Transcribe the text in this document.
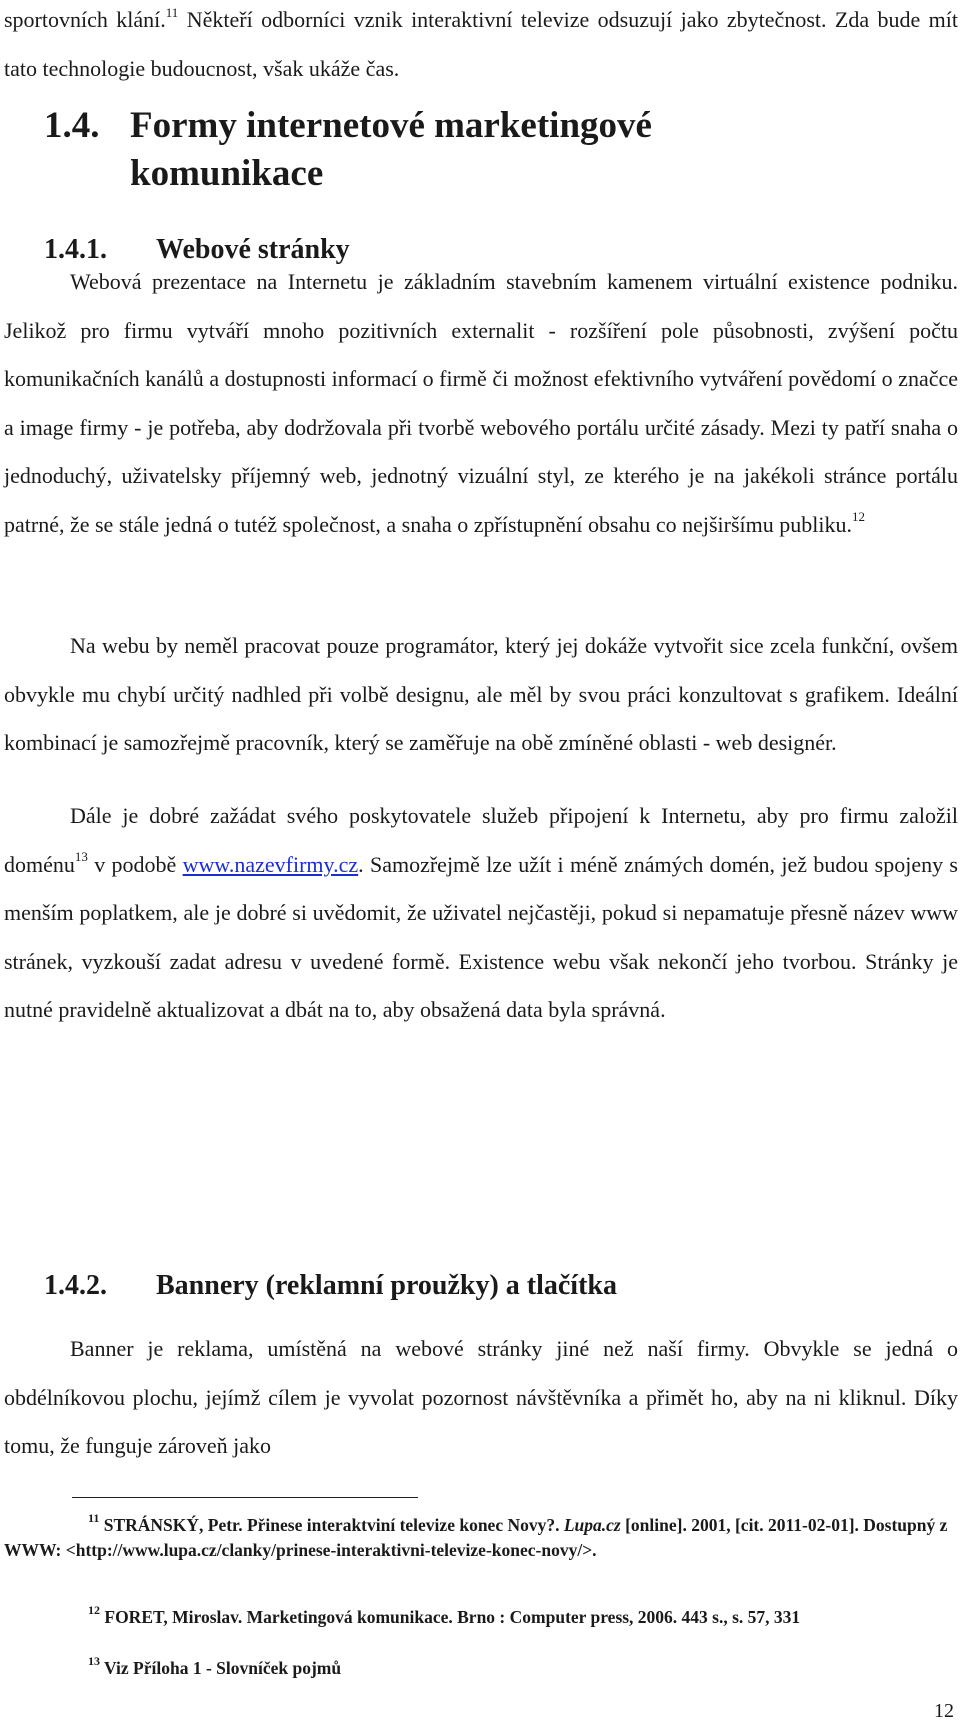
sportovních klání.$^{11}$ Někteří odborníci vznik interaktivní televize odsuzují jako zbytečnost. Zda bude mít tato technologie budoucnost, však ukáže čas.

1.4. Formy internetové marketingové
komunikace
1.4.1. Webové stránky

Webová prezentace na Internetu je základním stavebním kamenem virtuální existence podniku. Jelikož pro firmu vytváří mnoho pozitivních externalit - rozšíření pole působnosti, zvýšení počtu komunikačních kanálů a dostupnosti informací o firmě či možnost efektivního vytváření povědomí o značce a image firmy - je potřeba, aby dodržovala při tvorbě webového portálu určité zásady. Mezi ty patří snaha o jednoduchý, uživatelsky příjemný web, jednotný vizuální styl, ze kterého je na jakékoli stránce portálu patrné, že se stále jedná o tutéž společnost, a snaha o zpřístupnění obsahu co nejširšímu publiku.$^{12}$

Na webu by neměl pracovat pouze programátor, který jej dokáže vytvořit sice zcela funkční, ovšem obvykle mu chybí určitý nadhled při volbě designu, ale měl by svou práci konzultovat s grafikem. Ideální kombinací je samozřejmě pracovník, který se zaměřuje na obě zmíněné oblasti - web designér.

Dále je dobré zažádat svého poskytovatele služeb připojení k Internetu, aby pro firmu založil doménu$^{13}$ v podobě www.nazevfirmy.cz. Samozřejmě lze užít i méně známých domén, jež budou spojeny s menším poplatkem, ale je dobré si uvědomit, že uživatel nejčastěji, pokud si nepamatuje přesně název www stránek, vyzkouší zadat adresu v uvedené formě. Existence webu však nekončí jeho tvorbou. Stránky je nutné pravidelně aktualizovat a dbát na to, aby obsažená data byla správná.

1.4.2. Bannery (reklamní proužky) a tlačítka

Banner je reklama, umístěná na webové stránky jiné než naší firmy. Obvykle se jedná o obdélníkovou plochu, jejímž cílem je vyvolat pozornost návštěvníka a přimět ho, aby na ni kliknul. Díky tomu, že funguje zároveň jako

$^{11}$ STRÁNSKÝ, Petr. Přinese interaktviní televize konec Novy?. Lupa.cz [online]. 2001, [cit. 2011-02-01]. Dostupný z WWW: <http://www.lupa.cz/clanky/prinese-interaktivni-televize-konec-novy/>.

$^{12}$ FORET, Miroslav. Marketingová komunikace. Brno : Computer press, 2006. 443 s., s. 57, 331

$^{13}$ Viz Příloha 1 - Slovníček pojmů

12
